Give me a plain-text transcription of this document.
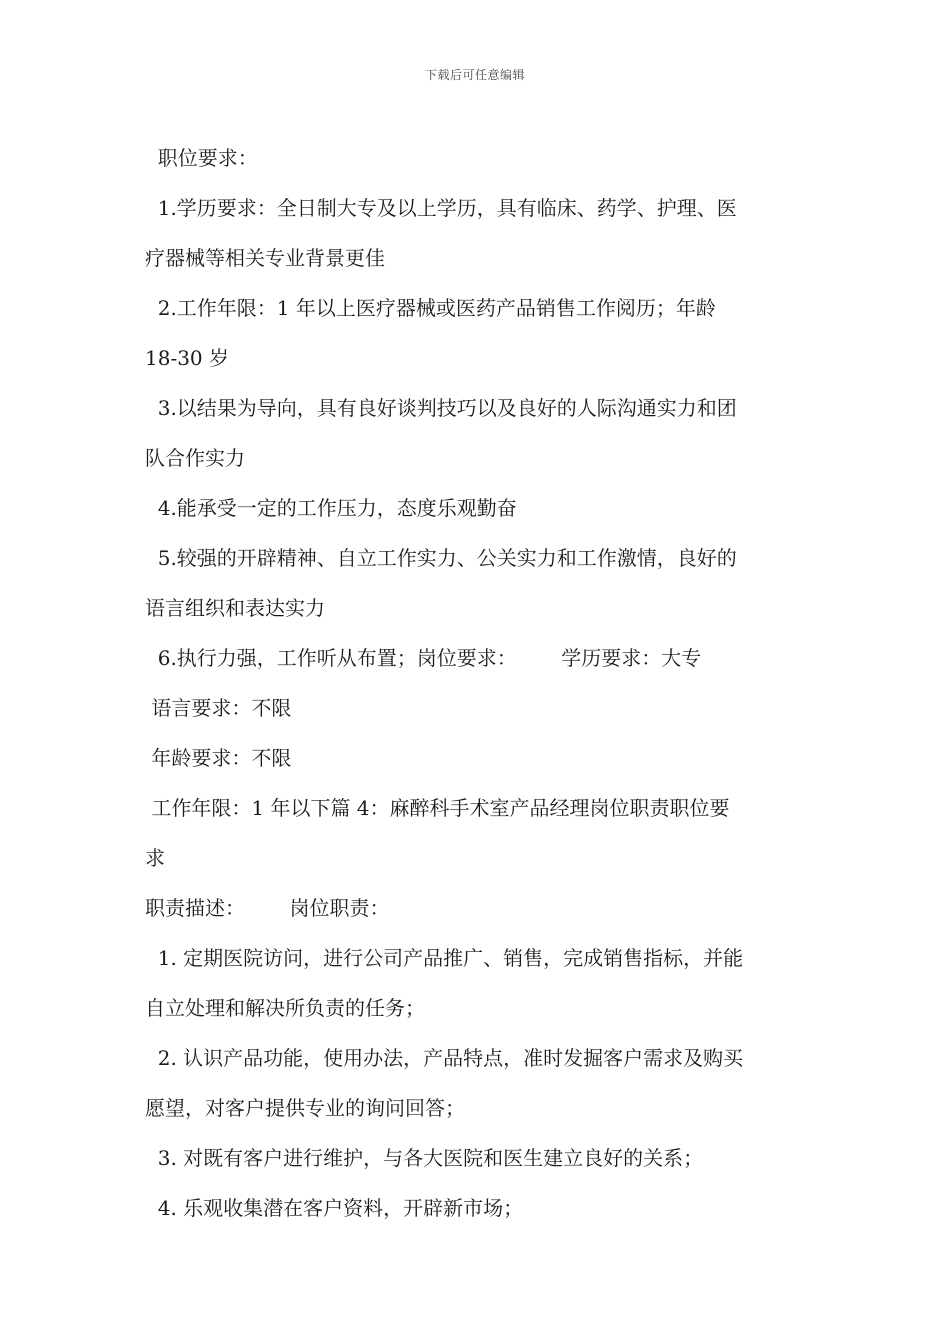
下载后可任意编辑
职位要求：
1.学历要求：全日制大专及以上学历，具有临床、药学、护理、医
疗器械等相关专业背景更佳
2.工作年限：1 年以上医疗器械或医药产品销售工作阅历；年龄
18-30 岁
3.以结果为导向，具有良好谈判技巧以及良好的人际沟通实力和团
队合作实力
4.能承受一定的工作压力，态度乐观勤奋
5.较强的开辟精神、自立工作实力、公关实力和工作激情，良好的
语言组织和表达实力
6.执行力强，工作听从布置；岗位要求：       学历要求：大专
语言要求：不限
年龄要求：不限
工作年限：1 年以下篇 4：麻醉科手术室产品经理岗位职责职位要
求
职责描述：       岗位职责：
1. 定期医院访问，进行公司产品推广、销售，完成销售指标，并能
自立处理和解决所负责的任务；
2. 认识产品功能，使用办法，产品特点，准时发掘客户需求及购买
愿望，对客户提供专业的询问回答；
3. 对既有客户进行维护，与各大医院和医生建立良好的关系；
4. 乐观收集潜在客户资料，开辟新市场；
